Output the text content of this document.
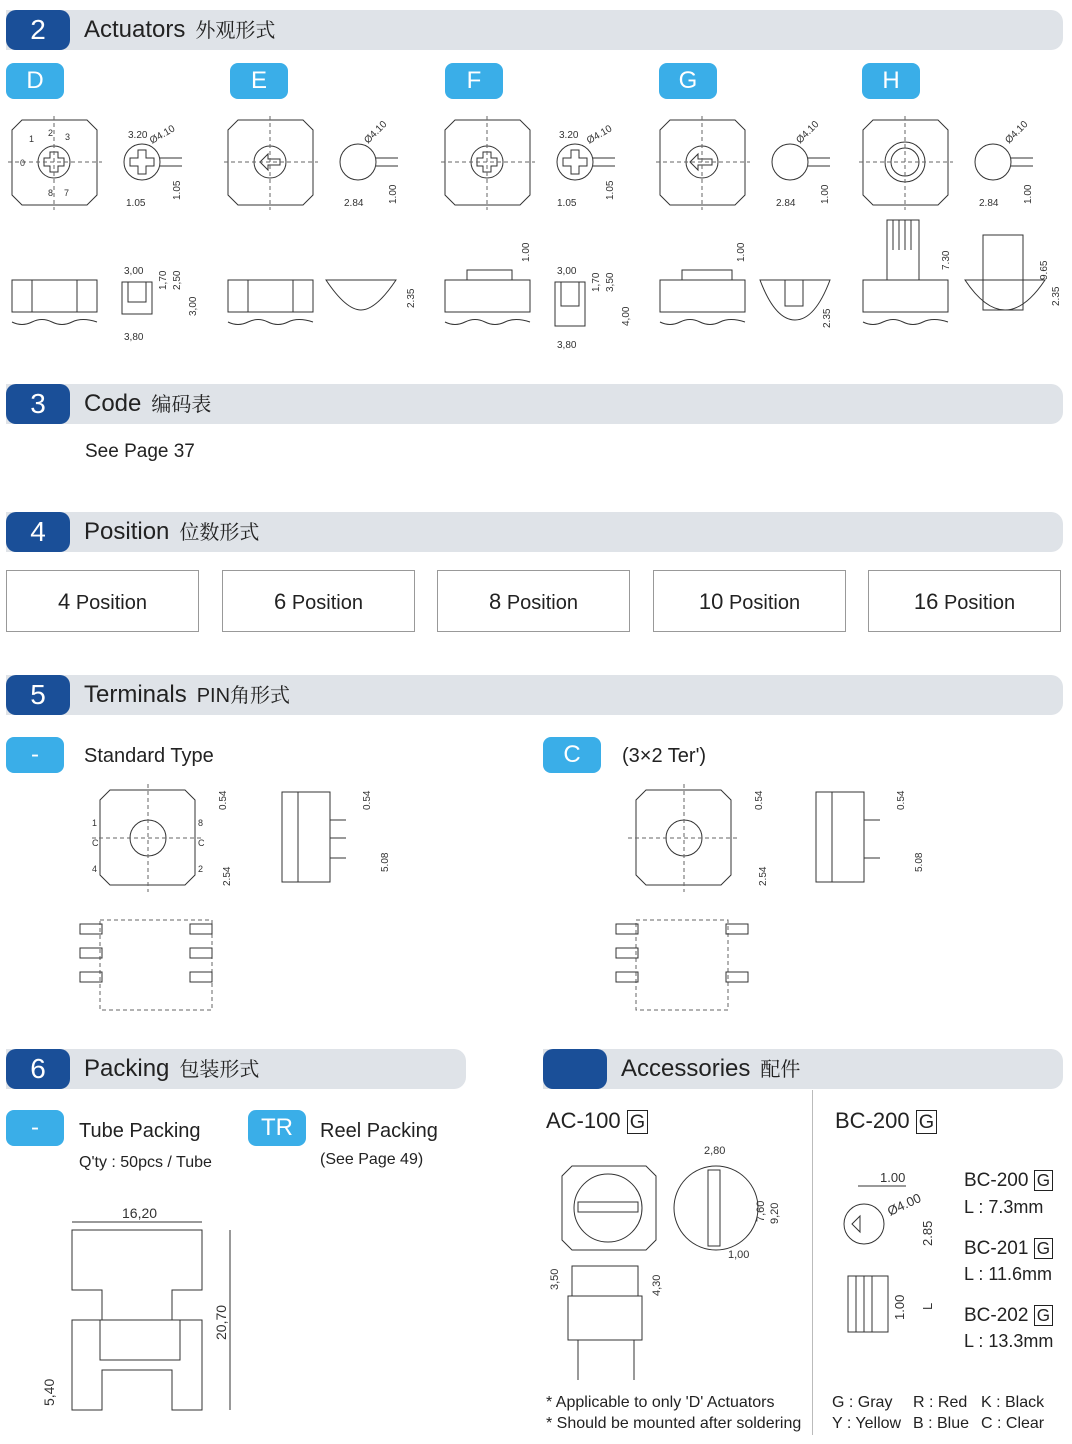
2	Actuators 外观形式
D	E	F	G	H
1
2 3
0
8 7
3.20 Ø4.10
1.05
1.05
3,00 1,70 2,50
3,00
3,80
Ø4.10
2.84 1.00
2.35
3.20 Ø4.10
1.05
1.05
1.00
3,00
1,70 3,50
4,00
3,80
Ø4.10
2.84 1.00
1.00
2.35
Ø4.10
2.84 1.00
7.30
9.65
2.35
3	Code 编码表
See Page 37
4	Position 位数形式
4 Position	6 Position	8 Position	10 Position	16 Position
5	Terminals PIN角形式
-	Standard Type	C	(3×2 Ter')
1
C
4
8
C
2
0.54
2.54
0.54
5.08
0.54
2.54
0.54
5.08
6	Packing 包装形式
-	Tube Packing
Q'ty : 50pcs / Tube
TR	Reel Packing
(See Page 49)
16,20
20,70
5,40
Accessories 配件
AC-100 G	BC-200 G
2,80
7,60 9,20
1,00
3,50	4,30
* Applicable to only 'D' Actuators
* Should be mounted after soldering
1.00
Ø4.00
2.85
1.00 L
BC-200 G
L : 7.3mm
BC-201 G
L : 11.6mm
BC-202 G
L : 13.3mm
G : Gray R : Red K : Black
Y : Yellow B : Blue C : Clear
